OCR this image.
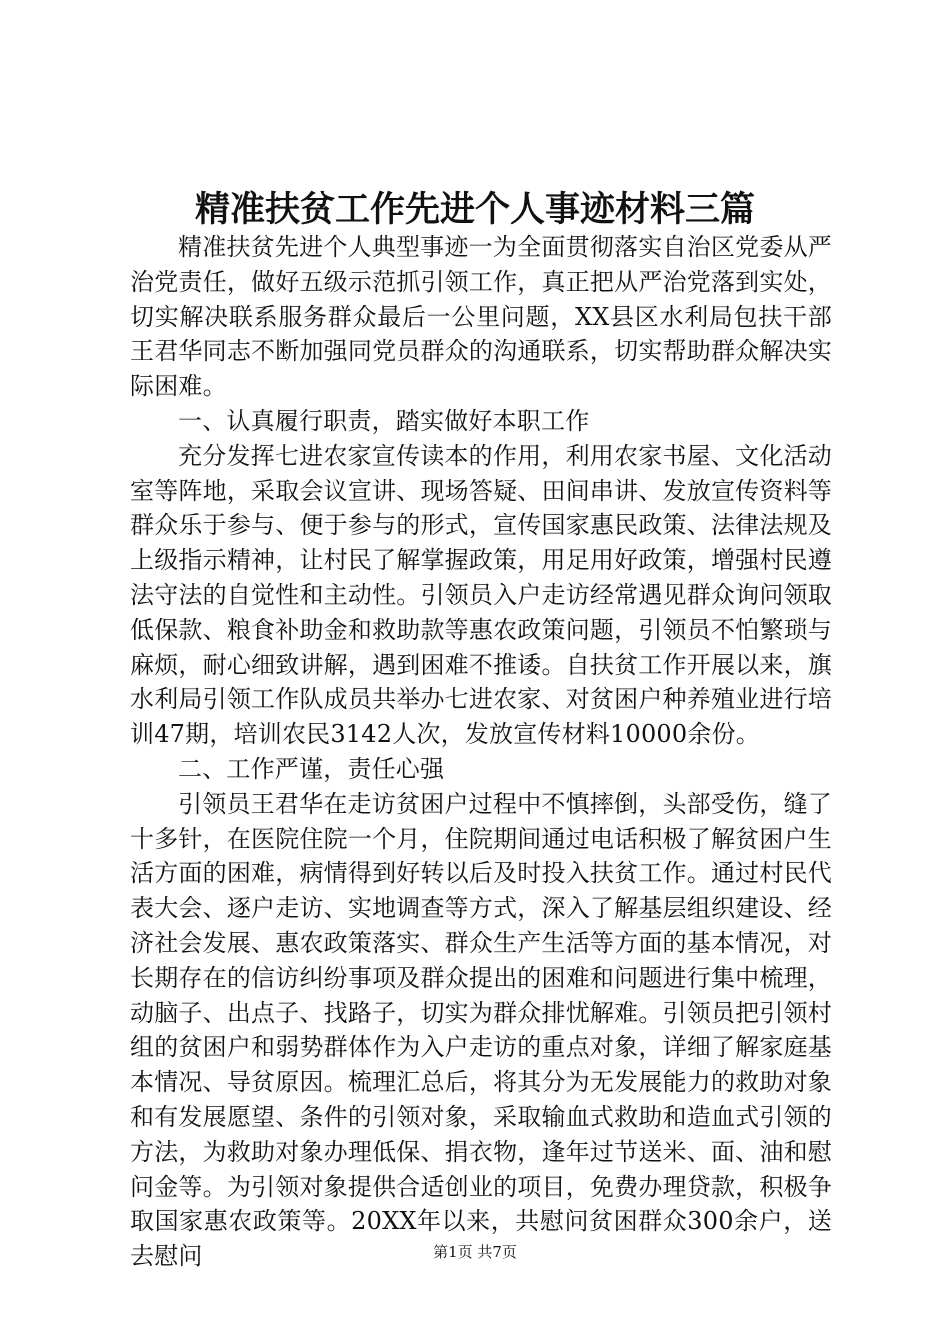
精准扶贫工作先进个人事迹材料三篇

精准扶贫先进个人典型事迹一为全面贯彻落实自治区党委从严治党责任，做好五级示范抓引领工作，真正把从严治党落到实处，切实解决联系服务群众最后一公里问题，XX县区水利局包扶干部王君华同志不断加强同党员群众的沟通联系，切实帮助群众解决实际困难。

一、认真履行职责，踏实做好本职工作

充分发挥七进农家宣传读本的作用，利用农家书屋、文化活动室等阵地，采取会议宣讲、现场答疑、田间串讲、发放宣传资料等群众乐于参与、便于参与的形式，宣传国家惠民政策、法律法规及上级指示精神，让村民了解掌握政策，用足用好政策，增强村民遵法守法的自觉性和主动性。引领员入户走访经常遇见群众询问领取低保款、粮食补助金和救助款等惠农政策问题，引领员不怕繁琐与麻烦，耐心细致讲解，遇到困难不推诿。自扶贫工作开展以来，旗水利局引领工作队成员共举办七进农家、对贫困户种养殖业进行培训47期，培训农民3142人次，发放宣传材料10000余份。

二、工作严谨，责任心强

引领员王君华在走访贫困户过程中不慎摔倒，头部受伤，缝了十多针，在医院住院一个月，住院期间通过电话积极了解贫困户生活方面的困难，病情得到好转以后及时投入扶贫工作。通过村民代表大会、逐户走访、实地调查等方式，深入了解基层组织建设、经济社会发展、惠农政策落实、群众生产生活等方面的基本情况，对长期存在的信访纠纷事项及群众提出的困难和问题进行集中梳理，动脑子、出点子、找路子，切实为群众排忧解难。引领员把引领村组的贫困户和弱势群体作为入户走访的重点对象，详细了解家庭基本情况、导贫原因。梳理汇总后，将其分为无发展能力的救助对象和有发展愿望、条件的引领对象，采取输血式救助和造血式引领的方法，为救助对象办理低保、捐衣物，逢年过节送米、面、油和慰问金等。为引领对象提供合适创业的项目，免费办理贷款，积极争取国家惠农政策等。20XX年以来，共慰问贫困群众300余户，送去慰问	第1页 共7页
